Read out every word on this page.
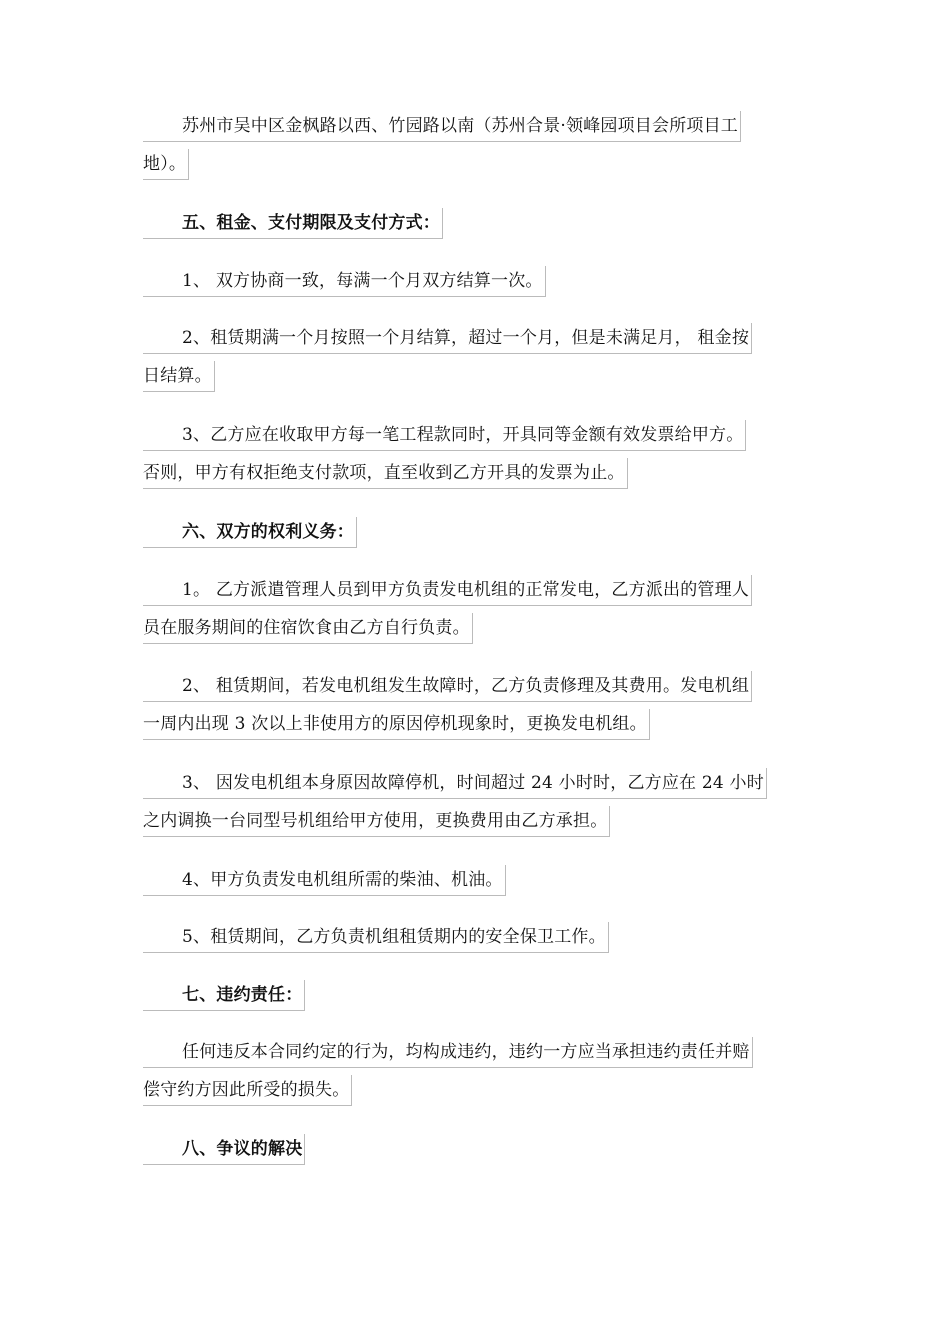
苏州市吴中区金枫路以西、竹园路以南（苏州合景·领峰园项目会所项目工
地）。
五、租金、支付期限及支付方式：
1、 双方协商一致，每满一个月双方结算一次。
2、租赁期满一个月按照一个月结算，超过一个月，但是未满足月， 租金按
日结算。
3、乙方应在收取甲方每一笔工程款同时，开具同等金额有效发票给甲方。
否则，甲方有权拒绝支付款项，直至收到乙方开具的发票为止。
六、双方的权利义务：
1。 乙方派遣管理人员到甲方负责发电机组的正常发电，乙方派出的管理人
员在服务期间的住宿饮食由乙方自行负责。
2、 租赁期间，若发电机组发生故障时，乙方负责修理及其费用。发电机组
一周内出现 3 次以上非使用方的原因停机现象时，更换发电机组。
3、 因发电机组本身原因故障停机，时间超过 24 小时时，乙方应在 24 小时
之内调换一台同型号机组给甲方使用，更换费用由乙方承担。
4、甲方负责发电机组所需的柴油、机油。
5、租赁期间，乙方负责机组租赁期内的安全保卫工作。
七、违约责任：
任何违反本合同约定的行为，均构成违约，违约一方应当承担违约责任并赔
偿守约方因此所受的损失。
八、争议的解决
